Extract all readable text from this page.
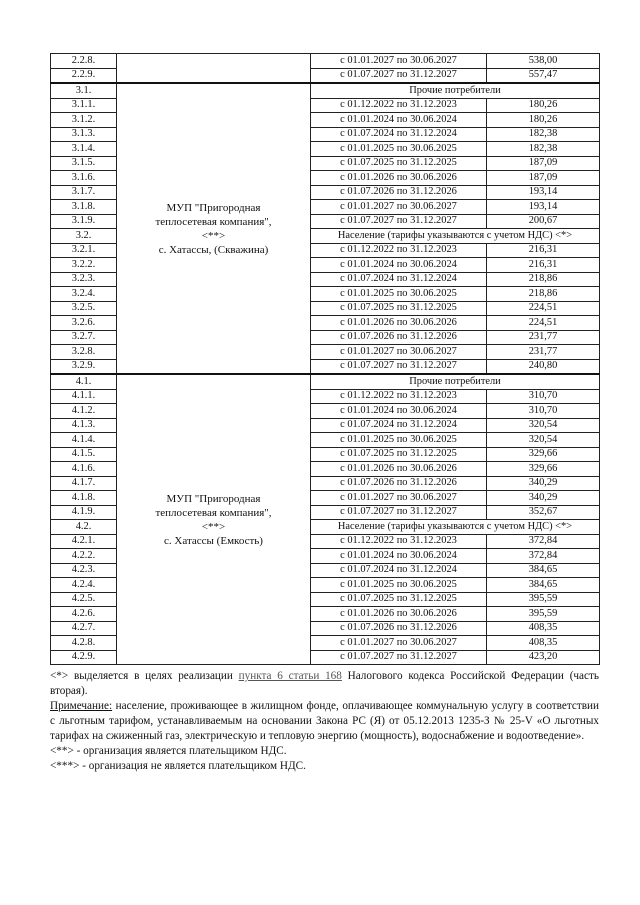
2.2.8.		с 01.01.2027 по 30.06.2027	538,00
2.2.9.		с 01.07.2027 по 31.12.2027	557,47
3.1.	МУП "Пригородная
теплосетевая компания",
<**>
с. Хатассы, (Скважина)	Прочие потребители	
3.1.1.		с 01.12.2022 по 31.12.2023	180,26
3.1.2.		с 01.01.2024 по 30.06.2024	180,26
3.1.3.		с 01.07.2024 по 31.12.2024	182,38
3.1.4.		с 01.01.2025 по 30.06.2025	182,38
3.1.5.		с 01.07.2025 по 31.12.2025	187,09
3.1.6.		с 01.01.2026 по 30.06.2026	187,09
3.1.7.		с 01.07.2026 по 31.12.2026	193,14
3.1.8.		с 01.01.2027 по 30.06.2027	193,14
3.1.9.		с 01.07.2027 по 31.12.2027	200,67
3.2.		Население (тарифы указываются с учетом НДС) <*>	
3.2.1.		с 01.12.2022 по 31.12.2023	216,31
3.2.2.		с 01.01.2024 по 30.06.2024	216,31
3.2.3.		с 01.07.2024 по 31.12.2024	218,86
3.2.4.		с 01.01.2025 по 30.06.2025	218,86
3.2.5.		с 01.07.2025 по 31.12.2025	224,51
3.2.6.		с 01.01.2026 по 30.06.2026	224,51
3.2.7.		с 01.07.2026 по 31.12.2026	231,77
3.2.8.		с 01.01.2027 по 30.06.2027	231,77
3.2.9.		с 01.07.2027 по 31.12.2027	240,80
4.1.	МУП "Пригородная
теплосетевая компания",
<**>
с. Хатассы (Емкость)	Прочие потребители	
4.1.1.		с 01.12.2022 по 31.12.2023	310,70
4.1.2.		с 01.01.2024 по 30.06.2024	310,70
4.1.3.		с 01.07.2024 по 31.12.2024	320,54
4.1.4.		с 01.01.2025 по 30.06.2025	320,54
4.1.5.		с 01.07.2025 по 31.12.2025	329,66
4.1.6.		с 01.01.2026 по 30.06.2026	329,66
4.1.7.		с 01.07.2026 по 31.12.2026	340,29
4.1.8.		с 01.01.2027 по 30.06.2027	340,29
4.1.9.		с 01.07.2027 по 31.12.2027	352,67
4.2.		Население (тарифы указываются с учетом НДС) <*>	
4.2.1.		с 01.12.2022 по 31.12.2023	372,84
4.2.2.		с 01.01.2024 по 30.06.2024	372,84
4.2.3.		с 01.07.2024 по 31.12.2024	384,65
4.2.4.		с 01.01.2025 по 30.06.2025	384,65
4.2.5.		с 01.07.2025 по 31.12.2025	395,59
4.2.6.		с 01.01.2026 по 30.06.2026	395,59
4.2.7.		с 01.07.2026 по 31.12.2026	408,35
4.2.8.		с 01.01.2027 по 30.06.2027	408,35
4.2.9.		с 01.07.2027 по 31.12.2027	423,20

<*> выделяется в целях реализации пункта 6 статьи 168 Налогового кодекса Российской Федерации (часть вторая).

Примечание: население, проживающее в жилищном фонде, оплачивающее коммунальную услугу в соответствии с льготным тарифом, устанавливаемым на основании Закона РС (Я) от 05.12.2013 1235-З № 25-V «О льготных тарифах на сжиженный газ, электрическую и тепловую энергию (мощность), водоснабжение и водоотведение».

<**> - организация является плательщиком НДС.

<***> - организация не является плательщиком НДС.
